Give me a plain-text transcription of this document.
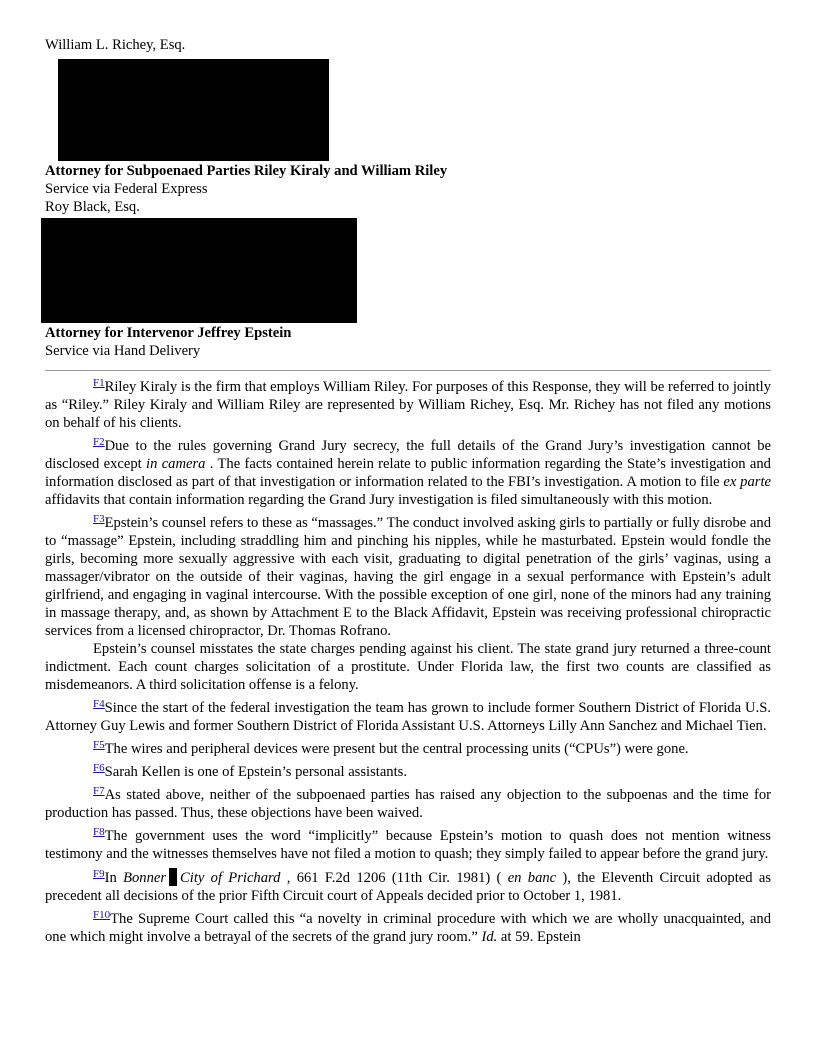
William L. Richey, Esq.
Attorney for Subpoenaed Parties Riley Kiraly and William Riley
Service via Federal Express
Roy Black, Esq.
Attorney for Intervenor Jeffrey Epstein
Service via Hand Delivery

$^{F1}$Riley Kiraly is the firm that employs William Riley. For purposes of this Response, they will be referred to jointly as “Riley.” Riley Kiraly and William Riley are represented by William Richey, Esq. Mr. Richey has not filed any motions on behalf of his clients.

$^{F2}$Due to the rules governing Grand Jury secrecy, the full details of the Grand Jury’s investigation cannot be disclosed except in camera . The facts contained herein relate to public information regarding the State’s investigation and information disclosed as part of that investigation or information related to the FBI’s investigation. A motion to file ex parte affidavits that contain information regarding the Grand Jury investigation is filed simultaneously with this motion.

$^{F3}$Epstein’s counsel refers to these as “massages.” The conduct involved asking girls to partially or fully disrobe and to “massage” Epstein, including straddling him and pinching his nipples, while he masturbated. Epstein would fondle the girls, becoming more sexually aggressive with each visit, graduating to digital penetration of the girls’ vaginas, using a massager/vibrator on the outside of their vaginas, having the girl engage in a sexual performance with Epstein’s adult girlfriend, and engaging in vaginal intercourse. With the possible exception of one girl, none of the minors had any training in massage therapy, and, as shown by Attachment E to the Black Affidavit, Epstein was receiving professional chiropractic services from a licensed chiropractor, Dr. Thomas Rofrano.

Epstein’s counsel misstates the state charges pending against his client. The state grand jury returned a three-count indictment. Each count charges solicitation of a prostitute. Under Florida law, the first two counts are classified as misdemeanors. A third solicitation offense is a felony.

$^{F4}$Since the start of the federal investigation the team has grown to include former Southern District of Florida U.S. Attorney Guy Lewis and former Southern District of Florida Assistant U.S. Attorneys Lilly Ann Sanchez and Michael Tien.

$^{F5}$The wires and peripheral devices were present but the central processing units (“CPUs”) were gone.

$^{F6}$Sarah Kellen is one of Epstein’s personal assistants.

$^{F7}$As stated above, neither of the subpoenaed parties has raised any objection to the subpoenas and the time for production has passed. Thus, these objections have been waived.

$^{F8}$The government uses the word “implicitly” because Epstein’s motion to quash does not mention witness testimony and the witnesses themselves have not filed a motion to quash; they simply failed to appear before the grand jury.

$^{F9}$In Bonner City of Prichard , 661 F.2d 1206 (11th Cir. 1981) ( en banc ), the Eleventh Circuit adopted as precedent all decisions of the prior Fifth Circuit court of Appeals decided prior to October 1, 1981.

$^{F10}$The Supreme Court called this “a novelty in criminal procedure with which we are wholly unacquainted, and one which might involve a betrayal of the secrets of the grand jury room.” Id. at 59. Epstein
